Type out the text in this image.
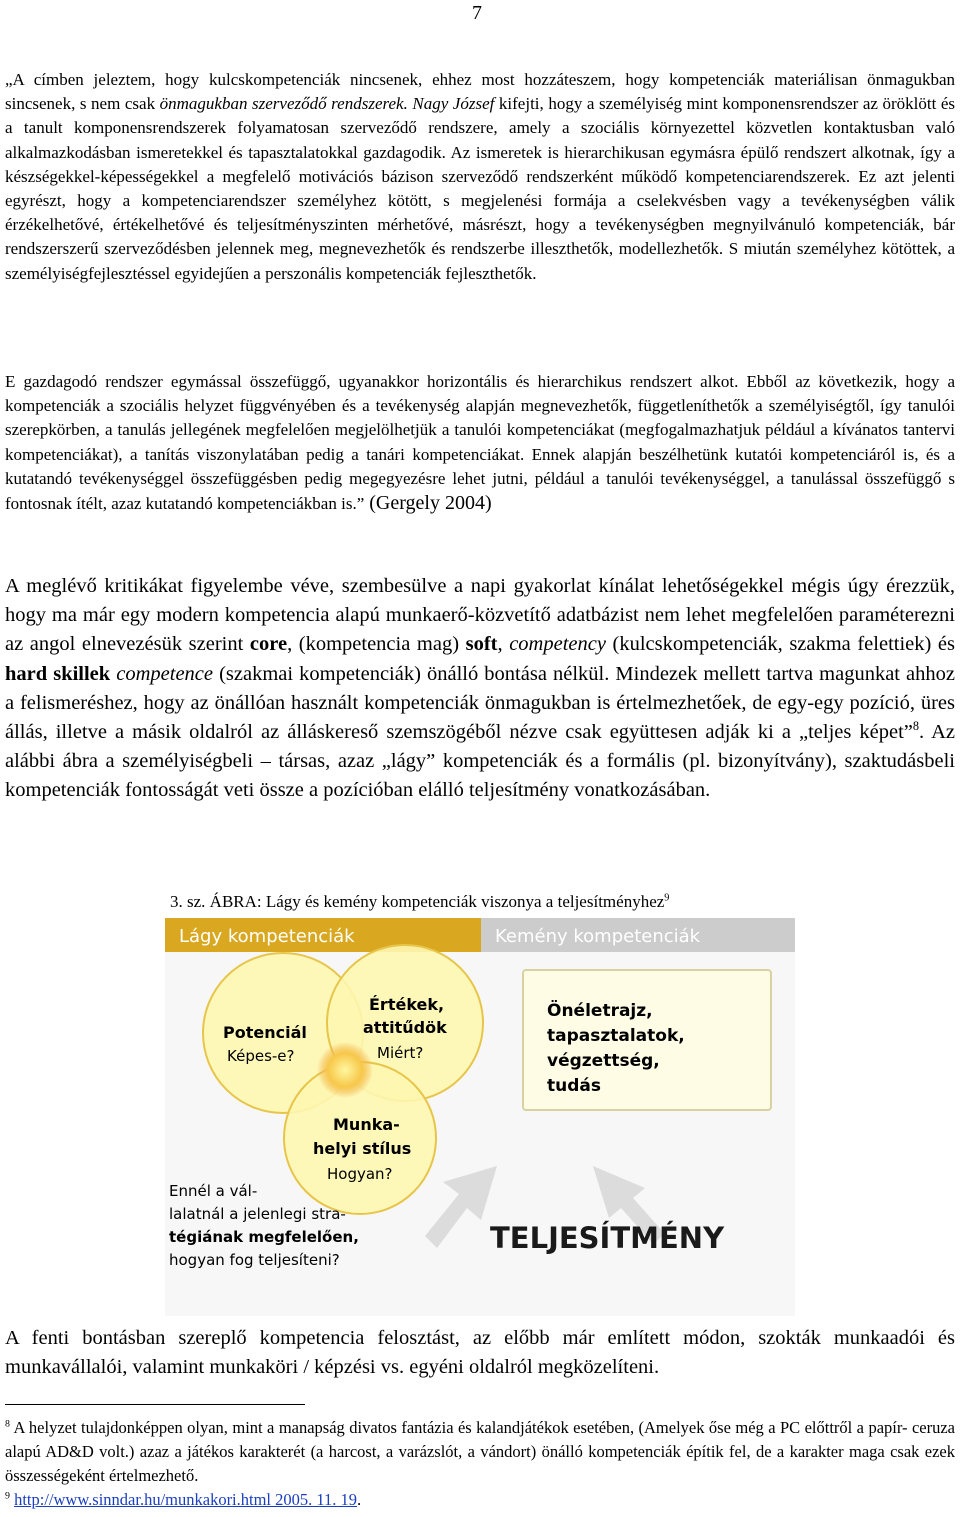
7

„A címben jeleztem, hogy kulcskompetenciák nincsenek, ehhez most hozzáteszem, hogy kompetenciák materiálisan önmagukban sincsenek, s nem csak önmagukban szerveződő rendszerek. Nagy József kifejti, hogy a személyiség mint komponensrendszer az öröklött és a tanult komponensrendszerek folyamatosan szerveződő rendszere, amely a szociális környezettel közvetlen kontaktusban való alkalmazkodásban ismeretekkel és tapasztalatokkal gazdagodik. Az ismeretek is hierarchikusan egymásra épülő rendszert alkotnak, így a készségekkel-képességekkel a megfelelő motivációs bázison szerveződő rendszerként működő kompetenciarendszerek. Ez azt jelenti egyrészt, hogy a kompetenciarendszer személyhez kötött, s megjelenési formája a cselekvésben vagy a tevékenységben válik érzékelhetővé, értékelhetővé és teljesítményszinten mérhetővé, másrészt, hogy a tevékenységben megnyilvánuló kompetenciák, bár rendszerszerű szerveződésben jelennek meg, megnevezhetők és rendszerbe illeszthetők, modellezhetők. S miután személyhez kötöttek, a személyiségfejlesztéssel egyidejűen a perszonális kompetenciák fejleszthetők.

E gazdagodó rendszer egymással összefüggő, ugyanakkor horizontális és hierarchikus rendszert alkot. Ebből az következik, hogy a kompetenciák a szociális helyzet függvényében és a tevékenység alapján megnevezhetők, függetleníthetők a személyiségtől, így tanulói szerepkörben, a tanulás jellegének megfelelően megjelölhetjük a tanulói kompetenciákat (megfogalmazhatjuk például a kívánatos tantervi kompetenciákat), a tanítás viszonylatában pedig a tanári kompetenciákat. Ennek alapján beszélhetünk kutatói kompetenciáról is, és a kutatandó tevékenységgel összefüggésben pedig megegyezésre lehet jutni, például a tanulói tevékenységgel, a tanulással összefüggő s fontosnak ítélt, azaz kutatandó kompetenciákban is.” (Gergely 2004)

A meglévő kritikákat figyelembe véve, szembesülve a napi gyakorlat kínálat lehetőségekkel mégis úgy érezzük, hogy ma már egy modern kompetencia alapú munkaerő-közvetítő adatbázist nem lehet megfelelően paraméterezni az angol elnevezésük szerint core, (kompetencia mag) soft, competency (kulcskompetenciák, szakma felettiek) és hard skillek competence (szakmai kompetenciák) önálló bontása nélkül. Mindezek mellett tartva magunkat ahhoz a felismeréshez, hogy az önállóan használt kompetenciák önmagukban is értelmezhetőek, de egy-egy pozíció, üres állás, illetve a másik oldalról az álláskereső szemszögéből nézve csak együttesen adják ki a „teljes képet”$^8$. Az alábbi ábra a személyiségbeli – társas, azaz „lágy” kompetenciák és a formális (pl. bizonyítvány), szaktudásbeli kompetenciák fontosságát veti össze a pozícióban elálló teljesítmény vonatkozásában.

3. sz. ÁBRA: Lágy és kemény kompetenciák viszonya a teljesítményhez$^9$
Lágy kompetenciák	Kemény kompetenciák
Önéletrajz,
tapasztalatok,
végzettség,
tudás
Potenciál
Képes-e?
Értékek,
attitűdök
Miért?
Munka-
helyi stílus
Hogyan?
Ennél a vál-
lalatnál a jelenlegi stra-
tégiának megfelelően,
hogyan fog teljesíteni?
TELJESÍTMÉNY

A fenti bontásban szereplő kompetencia felosztást, az előbb már említett módon, szokták munkaadói és munkavállalói, valamint munkaköri / képzési vs. egyéni oldalról megközelíteni.

$^8$ A helyzet tulajdonképpen olyan, mint a manapság divatos fantázia és kalandjátékok esetében, (Amelyek őse még a PC előttről a papír- ceruza alapú AD&D volt.) azaz a játékos karakterét (a harcost, a varázslót, a vándort) önálló kompetenciák építik fel, de a karakter maga csak ezek összességeként értelmezhető.

$^9$ http://www.sinndar.hu/munkakori.html 2005. 11. 19.
